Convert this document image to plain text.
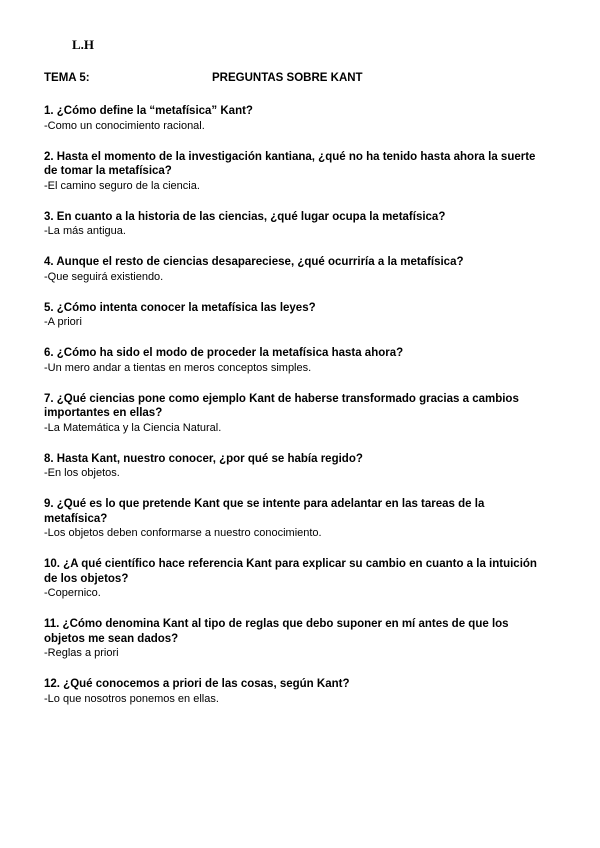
L.H
TEMA 5:	PREGUNTAS SOBRE KANT
1. ¿Cómo define la “metafísica” Kant?
-Como un conocimiento racional.
2. Hasta el momento de la investigación kantiana, ¿qué no ha tenido hasta ahora la suerte de tomar la metafísica?
-El camino seguro de la ciencia.
3. En cuanto a la historia de las ciencias, ¿qué lugar ocupa la metafísica?
-La más antigua.
4. Aunque el resto de ciencias desapareciese, ¿qué ocurriría a la metafísica?
-Que seguirá existiendo.
5. ¿Cómo intenta conocer la metafísica las leyes?
-A priori
6. ¿Cómo ha sido el modo de proceder la metafísica hasta ahora?
-Un mero andar a tientas en meros conceptos simples.
7. ¿Qué ciencias pone como ejemplo Kant de haberse transformado gracias a cambios importantes en ellas?
-La Matemática y la Ciencia Natural.
8. Hasta Kant, nuestro conocer, ¿por qué se había regido?
-En los objetos.
9. ¿Qué es lo que pretende Kant que se intente para adelantar en las tareas de la metafísica?
-Los objetos deben conformarse a nuestro conocimiento.
10. ¿A qué científico hace referencia Kant para explicar su cambio en cuanto a la intuición de los objetos?
-Copernico.
11. ¿Cómo denomina Kant al tipo de reglas que debo suponer en mí antes de que los objetos me sean dados?
-Reglas a priori
12. ¿Qué conocemos a priori de las cosas, según Kant?
-Lo que nosotros ponemos en ellas.
